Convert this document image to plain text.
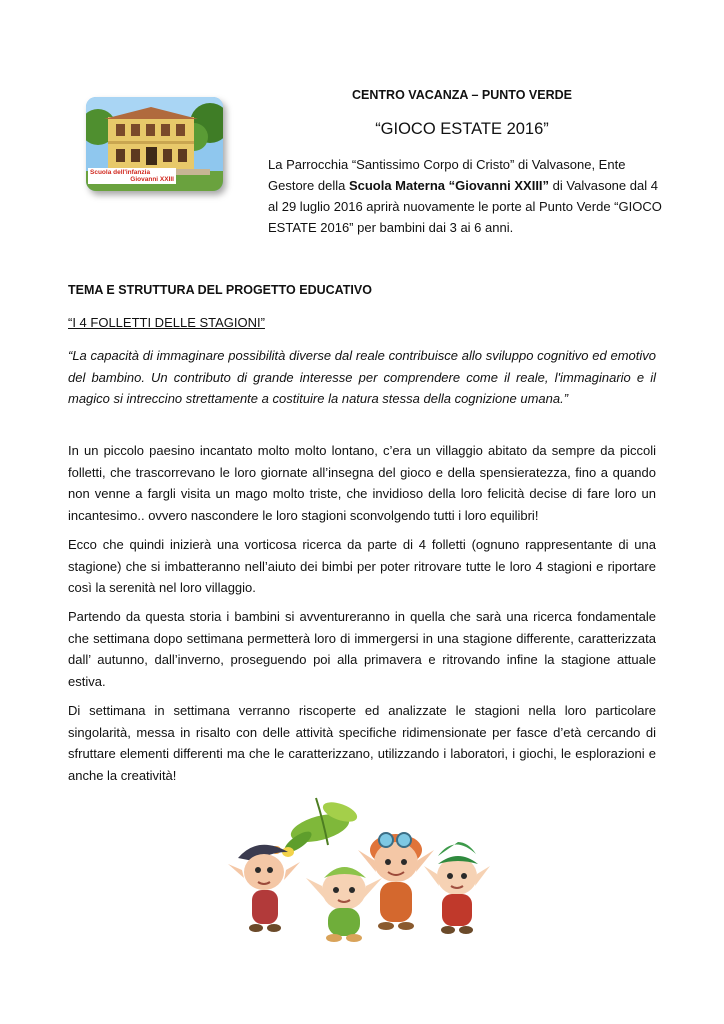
Scuola dell'infanzia
Giovanni XXIII
CENTRO VACANZA – PUNTO VERDE
“GIOCO ESTATE 2016”
La Parrocchia “Santissimo Corpo di Cristo” di Valvasone, Ente Gestore della Scuola Materna “Giovanni XXIII” di Valvasone dal 4 al 29 luglio 2016 aprirà nuovamente le porte al Punto Verde “GIOCO ESTATE 2016” per bambini dai 3 ai 6 anni.
TEMA E STRUTTURA DEL PROGETTO EDUCATIVO
“I 4 FOLLETTI DELLE STAGIONI”
“La capacità di immaginare possibilità diverse dal reale contribuisce allo sviluppo cognitivo ed emotivo del bambino. Un contributo di grande interesse per comprendere come il reale, l'immaginario e il magico si intreccino strettamente a costituire la natura stessa della cognizione umana.”
In un piccolo paesino incantato molto molto lontano, c’era un villaggio abitato da sempre da piccoli folletti, che trascorrevano le loro giornate all’insegna del gioco e della spensieratezza, fino a quando non venne a fargli visita un mago molto triste, che invidioso della loro felicità decise di fare loro un incantesimo.. ovvero nascondere le loro stagioni sconvolgendo tutti i loro equilibri!
Ecco che quindi inizierà una vorticosa ricerca da parte di 4 folletti (ognuno rappresentante di una stagione) che si imbatteranno nell’aiuto dei bimbi per poter ritrovare tutte le loro 4 stagioni e riportare così la serenità nel loro villaggio.
Partendo da questa storia i bambini si avventureranno in quella che sarà una ricerca fondamentale che settimana dopo settimana permetterà loro di immergersi in una stagione differente, caratterizzata dall’ autunno, dall’inverno, proseguendo poi alla primavera e ritrovando infine la stagione attuale estiva.
Di settimana in settimana verranno riscoperte ed analizzate le stagioni nella loro particolare singolarità, messa in risalto con delle attività specifiche ridimensionate per fasce d’età cercando di sfruttare elementi differenti ma che le caratterizzano, utilizzando i laboratori, i giochi, le esplorazioni e anche la creatività!
